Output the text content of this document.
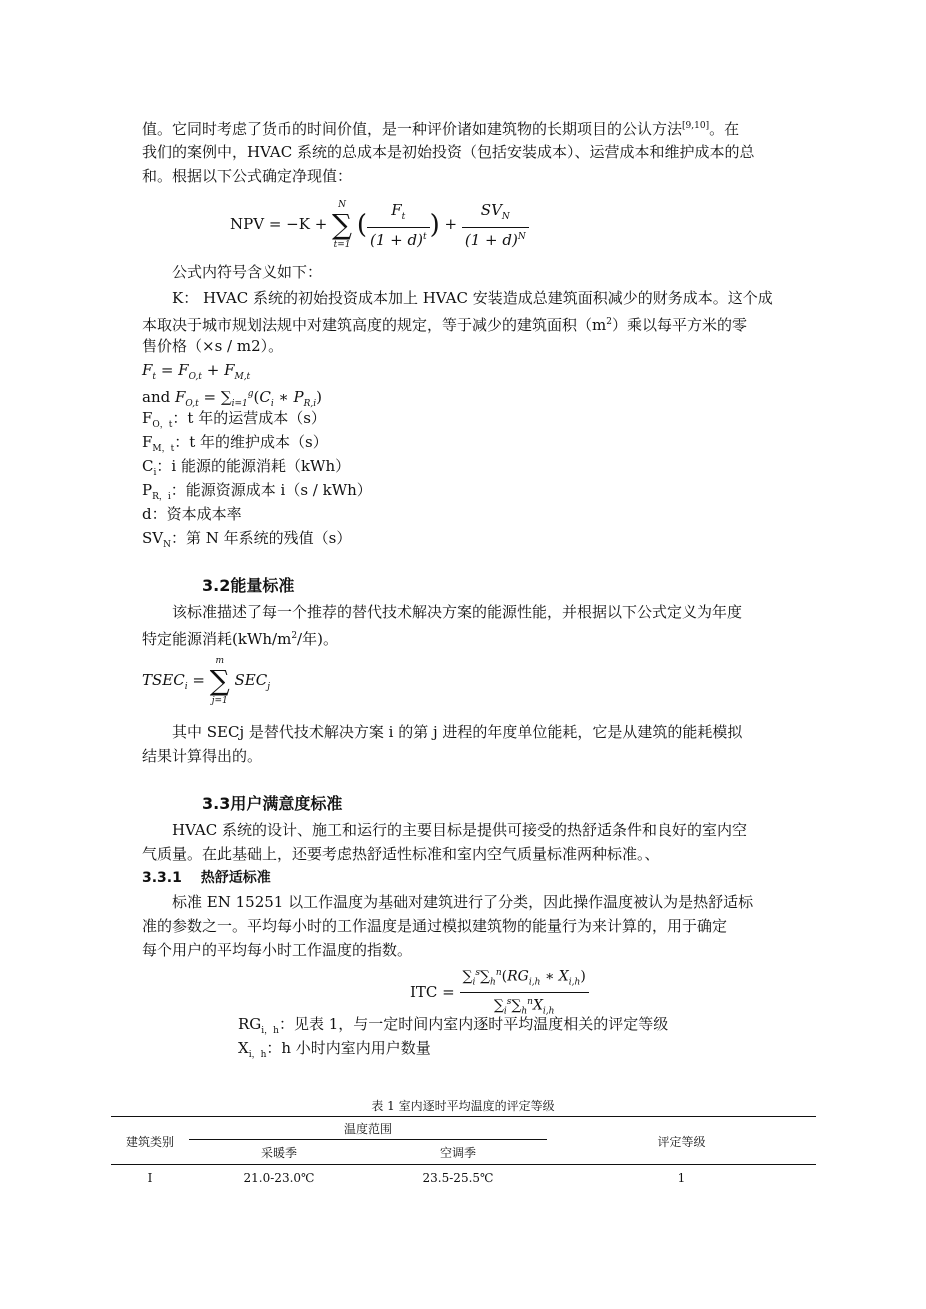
值。它同时考虑了货币的时间价值，是一种评价诸如建筑物的长期项目的公认方法[9,10]。在
我们的案例中，HVAC 系统的总成本是初始投资（包括安装成本）、运营成本和维护成本的总
和。根据以下公式确定净现值：
NPV = −K +
N
∑
t=1
( $\frac{F_t}{(1 + d)^t}$ ) + $\frac{SV_N}{(1 + d)^N}$
公式内符号含义如下：
K： HVAC 系统的初始投资成本加上 HVAC 安装造成总建筑面积减少的财务成本。这个成
本取决于城市规划法规中对建筑高度的规定，等于减少的建筑面积$(m^2)$乘以每平方米的零
售价格（×s / m2）。
$F_t = F_{O,t} + F_{M,t}$
and $F_{O,t} = \sum_{i=1}^g(C_i$ ∗ $P_{R,i}$)
$F_{O,t}$：t 年的运营成本（s）
$F_{M,t}$：t 年的维护成本（s）
$C_i$：i 能源的能源消耗（kWh）
$P_{R,i}$：能源资源成本 i（s / kWh）
d：资本成本率
$SV_N$：第 N 年系统的残值（s）
3.2能量标准
该标准描述了每一个推荐的替代技术解决方案的能源性能，并根据以下公式定义为年度
特定能源消耗($kWh/m^2/$年)。
$TSEC_i$ =
m
∑
j=1
$SEC_j$
其中 SECj 是替代技术解决方案 i 的第 j 进程的年度单位能耗，它是从建筑的能耗模拟
结果计算得出的。
3.3用户满意度标准
HVAC 系统的设计、施工和运行的主要目标是提供可接受的热舒适条件和良好的室内空
气质量。在此基础上，还要考虑热舒适性标准和室内空气质量标准两种标准。、
3.3.1　 热舒适标准
标准 EN 15251 以工作温度为基础对建筑进行了分类，因此操作温度被认为是热舒适标
准的参数之一。平均每小时的工作温度是通过模拟建筑物的能量行为来计算的，用于确定
每个用户的平均每小时工作温度的指数。
ITC = $\frac{\sum_i^s\sum_h^n(RG_{i,h} ∗ X_{i,h})}{\sum_i^s\sum_h^nX_{i,h}}$
$RG_{i,h}$：见表 1，与一定时间内室内逐时平均温度相关的评定等级
$X_{i,h}$：h 小时内室内用户数量
表 1 室内逐时平均温度的评定等级
建筑类别
温度范围
采暖季	空调季
评定等级
I	21.0-23.0℃	23.5-25.5℃	1
